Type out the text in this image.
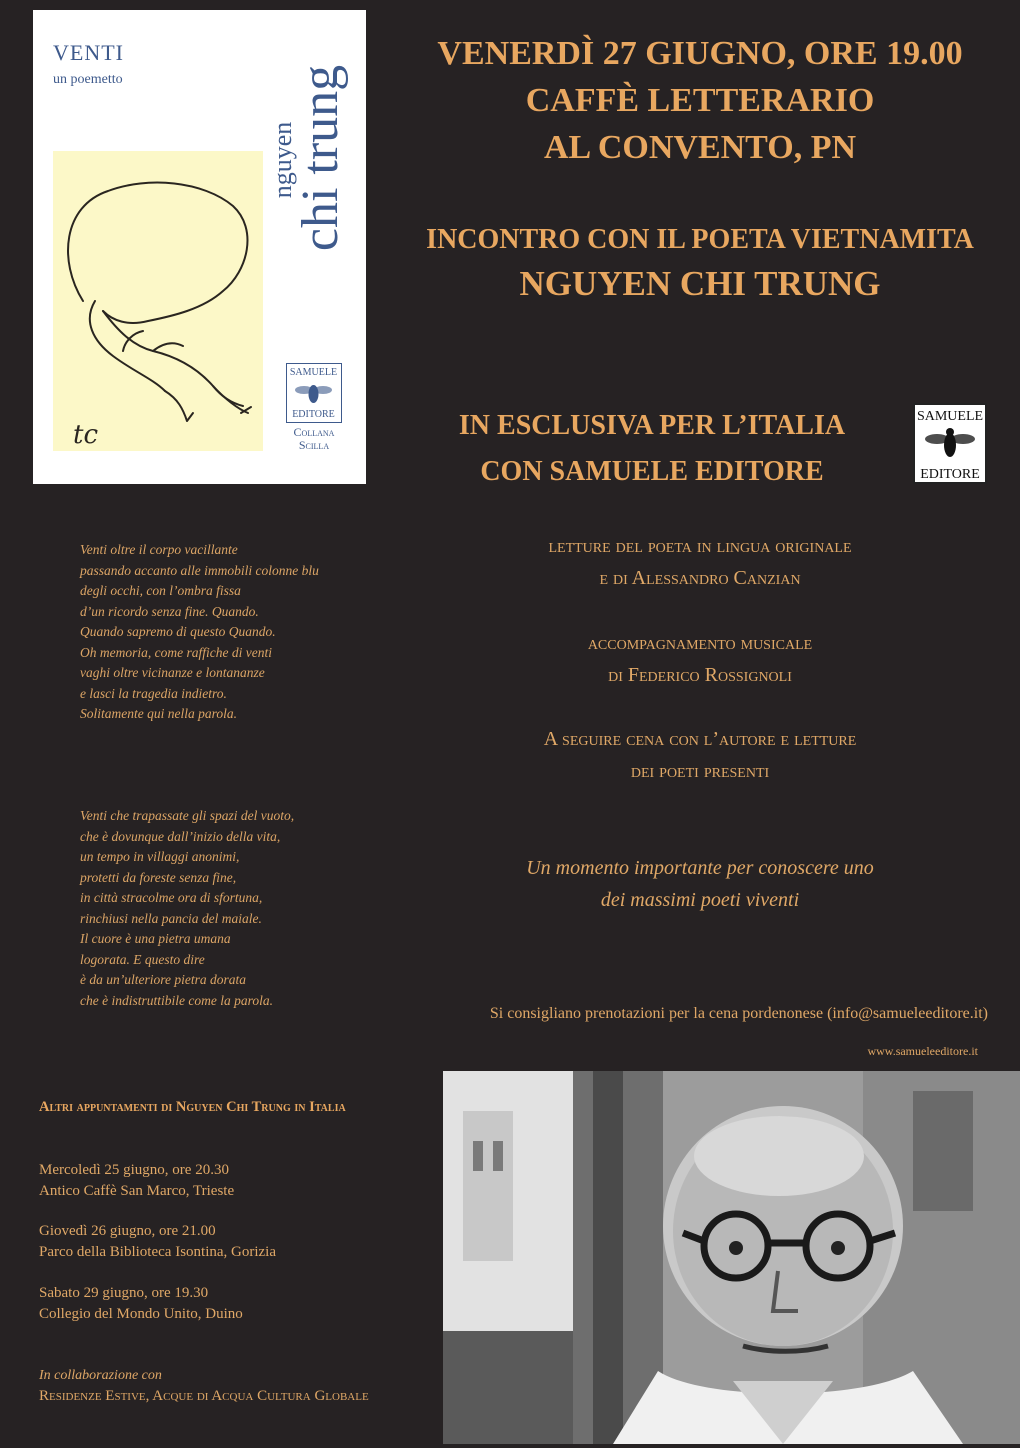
VENTI
un poemetto
tc
nguyen
chi trung
SAMUELE
EDITORE
Collana
Scilla
VENERDÌ 27 GIUGNO, ORE 19.00
CAFFÈ LETTERARIO
AL CONVENTO, PN
INCONTRO CON IL POETA VIETNAMITA
NGUYEN CHI TRUNG
IN ESCLUSIVA PER L’ITALIA
CON SAMUELE EDITORE
SAMUELE
EDITORE
letture del poeta in lingua originale
e di Alessandro Canzian
accompagnamento musicale
di Federico Rossignoli
A seguire cena con l’autore e letture
dei poeti presenti
Un momento importante per conoscere uno
dei massimi poeti viventi
Si consigliano prenotazioni per la cena pordenonese (info@samueleeditore.it)
www.samueleeditore.it
Venti oltre il corpo vacillante
passando accanto alle immobili colonne blu
degli occhi, con l’ombra fissa
d’un ricordo senza fine. Quando.
Quando sapremo di questo Quando.
Oh memoria, come raffiche di venti
vaghi oltre vicinanze e lontananze
e lasci la tragedia indietro.
Solitamente qui nella parola.
Venti che trapassate gli spazi del vuoto,
che è dovunque dall’inizio della vita,
un tempo in villaggi anonimi,
protetti da foreste senza fine,
in città stracolme ora di sfortuna,
rinchiusi nella pancia del maiale.
Il cuore è una pietra umana
logorata. E questo dire
è da un’ulteriore pietra dorata
che è indistruttibile come la parola.
Altri appuntamenti di Nguyen Chi Trung in Italia
Mercoledì 25 giugno, ore 20.30
Antico Caffè San Marco, Trieste
Giovedì 26 giugno, ore 21.00
Parco della Biblioteca Isontina, Gorizia
Sabato 29 giugno, ore 19.30
Collegio del Mondo Unito, Duino
In collaborazione con
Residenze Estive, Acque di Acqua Cultura Globale
